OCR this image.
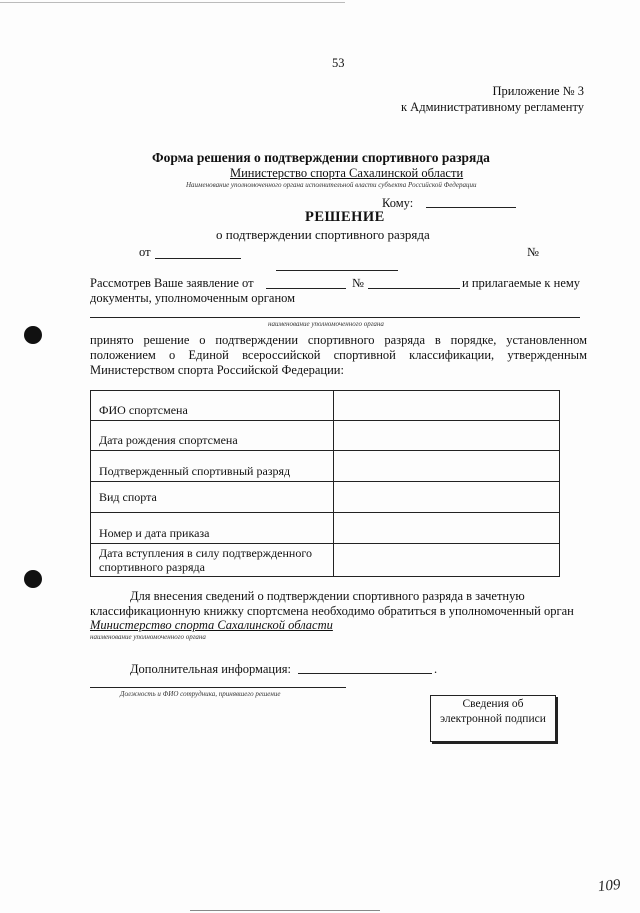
53
Приложение № 3
к Административному регламенту
Форма решения о подтверждении спортивного разряда
Министерство спорта Сахалинской области
Наименование уполномоченного органа исполнительной власти субъекта Российской Федерации
Кому:
РЕШЕНИЕ
о подтверждении спортивного разряда
от	№
Рассмотрев Ваше заявление от	№	и прилагаемые к нему
документы, уполномоченным органом
наименование уполномоченного органа
принято решение о подтверждении спортивного разряда в порядке, установленном положением о Единой всероссийской спортивной классификации, утвержденным Министерством спорта Российской Федерации:
ФИО спортсмена	
Дата рождения спортсмена	
Подтвержденный спортивный разряд	
Вид спорта	
Номер и дата приказа	
Дата вступления в силу подтвержденного спортивного разряда	
Для внесения сведений о подтверждении спортивного разряда в зачетную классификационную книжку спортсмена необходимо обратиться в уполномоченный орган
Министерство спорта Сахалинской области
наименование уполномоченного органа
Дополнительная информация:	.
Должность и ФИО сотрудника, принявшего решение
Сведения об электронной подписи
109
